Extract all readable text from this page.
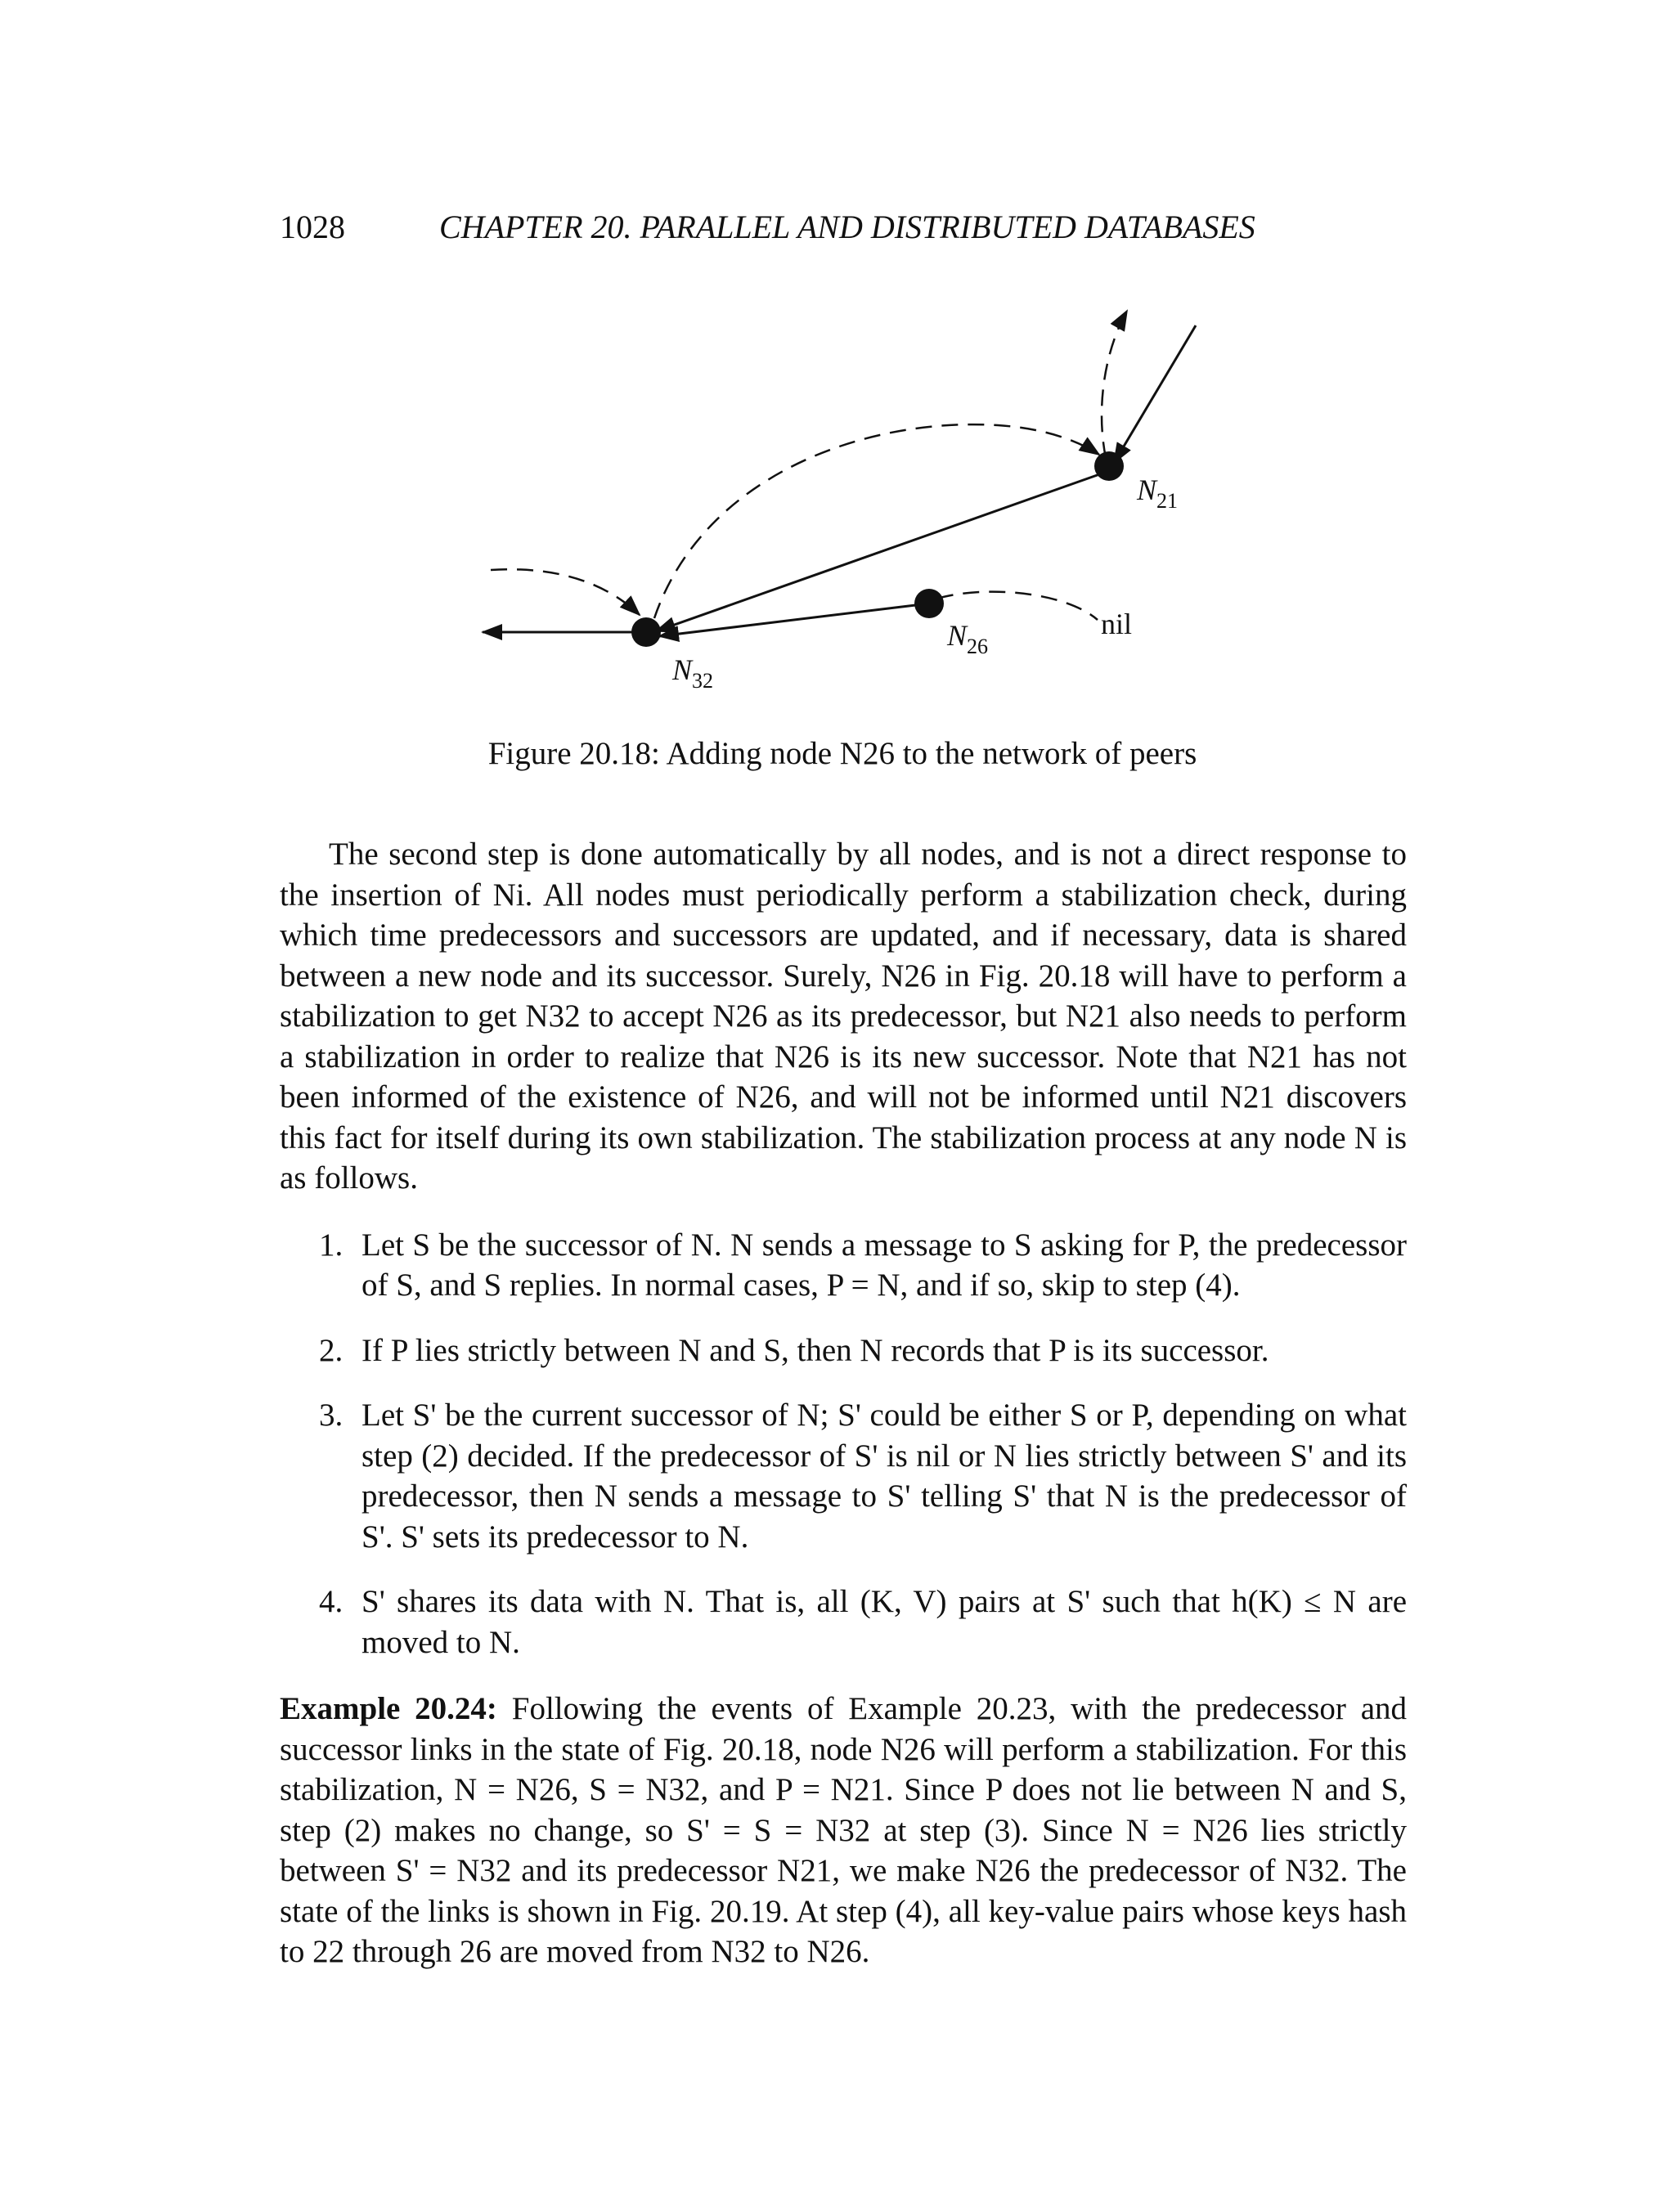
1028	CHAPTER 20. PARALLEL AND DISTRIBUTED DATABASES
$N_{21}$
$N_{26}$
$N_{32}$
nil
Figure 20.18: Adding node N26 to the network of peers

The second step is done automatically by all nodes, and is not a direct response to the insertion of Ni. All nodes must periodically perform a stabilization check, during which time predecessors and successors are updated, and if necessary, data is shared between a new node and its successor. Surely, N26 in Fig. 20.18 will have to perform a stabilization to get N32 to accept N26 as its predecessor, but N21 also needs to perform a stabilization in order to realize that N26 is its new successor. Note that N21 has not been informed of the existence of N26, and will not be informed until N21 discovers this fact for itself during its own stabilization. The stabilization process at any node N is as follows.

1. Let S be the successor of N. N sends a message to S asking for P, the predecessor of S, and S replies. In normal cases, P = N, and if so, skip to step (4).
2. If P lies strictly between N and S, then N records that P is its successor.
3. Let S' be the current successor of N; S' could be either S or P, depending on what step (2) decided. If the predecessor of S' is nil or N lies strictly between S' and its predecessor, then N sends a message to S' telling S' that N is the predecessor of S'. S' sets its predecessor to N.
4. S' shares its data with N. That is, all (K, V) pairs at S' such that h(K) ≤ N are moved to N.

Example 20.24: Following the events of Example 20.23, with the predecessor and successor links in the state of Fig. 20.18, node N26 will perform a stabilization. For this stabilization, N = N26, S = N32, and P = N21. Since P does not lie between N and S, step (2) makes no change, so S' = S = N32 at step (3). Since N = N26 lies strictly between S' = N32 and its predecessor N21, we make N26 the predecessor of N32. The state of the links is shown in Fig. 20.19. At step (4), all key-value pairs whose keys hash to 22 through 26 are moved from N32 to N26.
